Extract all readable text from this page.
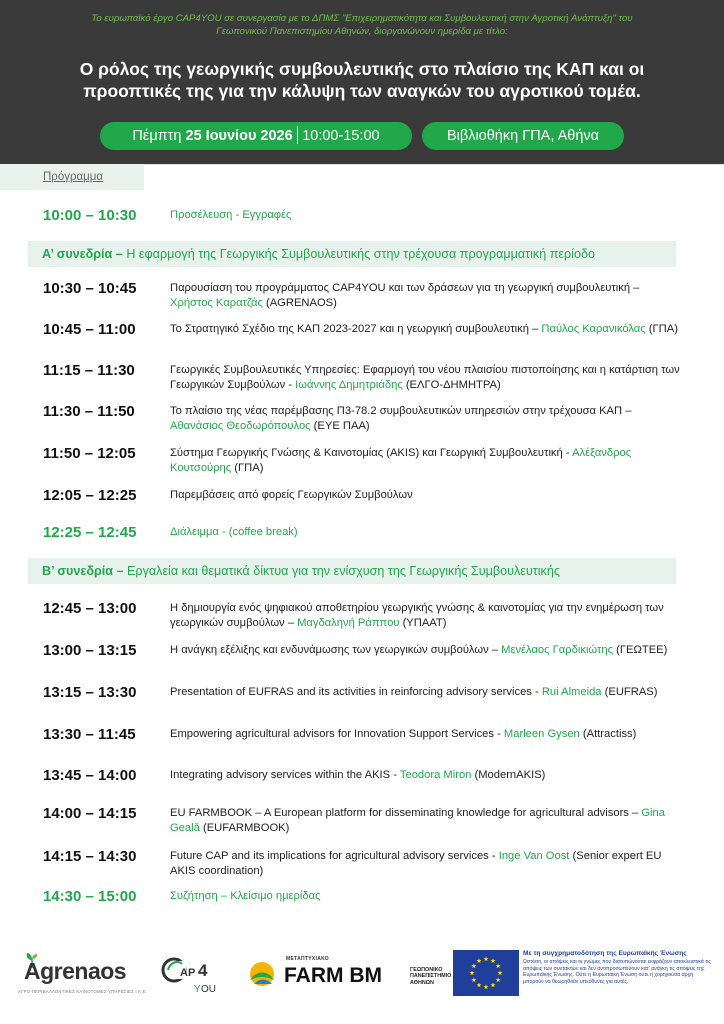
Το ευρωπαϊκό έργο CAP4YOU σε συνεργασία με το ΔΠΜΣ "Επιχειρηματικότητα και Συμβουλευτική στην Αγροτική Ανάπτυξη" του Γεωπονικού Πανεπιστημίου Αθηνών, διοργανώνουν ημερίδα με τίτλο:
Ο ρόλος της γεωργικής συμβουλευτικής στο πλαίσιο της ΚΑΠ και οι προοπτικές της για την κάλυψη των αναγκών του αγροτικού τομέα.
Πέμπτη 25 Ιουνίου 2026 10:00-15:00	Βιβλιοθήκη ΓΠΑ, Αθήνα
Πρόγραμμα
10:00 – 10:30	Προσέλευση - Εγγραφές
Α’ συνεδρία – Η εφαρμογή της Γεωργικής Συμβουλευτικής στην τρέχουσα προγραμματική περίοδο
10:30 – 10:45	Παρουσίαση του προγράμματος CAP4YOU και των δράσεων για τη γεωργική συμβουλευτική – Χρήστος Καρατζάς (AGRENAOS)
10:45 – 11:00	Το Στρατηγικό Σχέδιο της ΚΑΠ 2023-2027 και η γεωργική συμβουλευτική – Παύλος Καρανικόλας (ΓΠΑ)
11:15 – 11:30	Γεωργικές Συμβουλευτικές Υπηρεσίες: Εφαρμογή του νέου πλαισίου πιστοποίησης και η κατάρτιση των Γεωργικών Συμβούλων - Ιωάννης Δημητριάδης (ΕΛΓΟ-ΔΗΜΗΤΡΑ)
11:30 – 11:50	Το πλαίσιο της νέας παρέμβασης Π3-78.2 συμβουλευτικών υπηρεσιών στην τρέχουσα ΚΑΠ – Αθανάσιος Θεοδωρόπουλος (ΕΥΕ ΠΑΑ)
11:50 – 12:05	Σύστημα Γεωργικής Γνώσης & Καινοτομίας (AKIS) και Γεωργική Συμβουλευτική - Αλέξανδρος Κουτσούρης (ΓΠΑ)
12:05 – 12:25	Παρεμβάσεις από φορείς Γεωργικών Συμβούλων
12:25 – 12:45	Διάλειμμα - (coffee break)
Β’ συνεδρία – Εργαλεία και θεματικά δίκτυα για την ενίσχυση της Γεωργικής Συμβουλευτικής
12:45 – 13:00	Η δημιουργία ενός ψηφιακού αποθετηρίου γεωργικής γνώσης & καινοτομίας για την ενημέρωση των γεωργικών συμβούλων – Μαγδαληνή Ράππου (ΥΠΑΑΤ)
13:00 – 13:15	Η ανάγκη εξέλιξης και ενδυνάμωσης των γεωργικών συμβούλων – Μενέλαος Γαρδικιώτης (ΓΕΩΤΕΕ)
13:15 – 13:30	Presentation of EUFRAS and its activities in reinforcing advisory services - Rui Almeida (EUFRAS)
13:30 – 11:45	Empowering agricultural advisors for Innovation Support Services - Marleen Gysen (Attractiss)
13:45 – 14:00	Integrating advisory services within the AKIS - Teodora Miron (ModernAKIS)
14:00 – 14:15	EU FARMBOOK – A European platform for disseminating knowledge for agricultural advisors – Gina Gealǎ (EUFARMBOOK)
14:15 – 14:30	Future CAP and its implications for agricultural advisory services - Inge Van Oost (Senior expert EU AKIS coordination)
14:30 – 15:00	Συζήτηση – Κλείσιμο ημερίδας
Agrenaos
ΑΓΡΟ-ΠΕΡΙΒΑΛΛΟΝΤΙΚΕΣ ΚΑΙΝΟΤΟΜΕΣ ΥΠΗΡΕΣΙΕΣ Ι.Κ.Ε.
AP 4
Y OU
ΜΕΤΑΠΤΥΧΙΑΚΟ
FARM BM	ΓΕΩΠΟΝΙΚΟ ΠΑΝΕΠΙΣΤΗΜΙΟ ΑΘΗΝΩΝ
Με τη συγχρηματοδότηση της Ευρωπαϊκής Ένωσης
Ωστόσο, οι απόψεις και οι γνώμες που διατυπώνονται εκφράζουν αποκλειστικά τις απόψεις των συντακτών και δεν αντιπροσωπεύουν κατ’ ανάγκη τις απόψεις της Ευρωπαϊκής Ένωσης. Ούτε η Ευρωπαϊκή Ένωση ούτε η χορηγούσα αρχή μπορούν να θεωρηθούν υπεύθυνες για αυτές.
